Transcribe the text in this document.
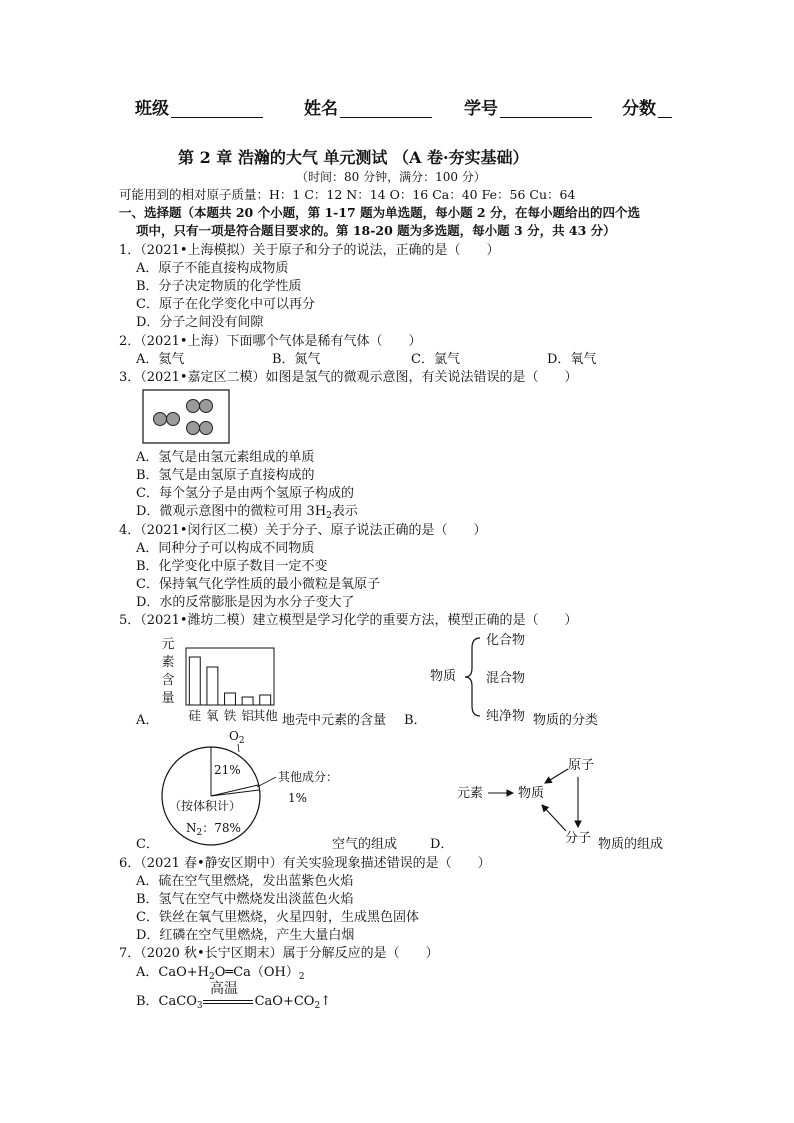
班级	姓名	学号	分数
第 2 章 浩瀚的大气 单元测试 （A 卷·夯实基础）
（时间：80 分钟，满分：100 分）
可能用到的相对原子质量：H：1 C：12 N：14 O：16 Ca：40 Fe：56 Cu：64
一、选择题（本题共 20 个小题，第 1-17 题为单选题，每小题 2 分，在每小题给出的四个选
项中，只有一项是符合题目要求的。第 18-20 题为多选题，每小题 3 分，共 43 分）
1．（2021•上海模拟）关于原子和分子的说法，正确的是（　　）
A．原子不能直接构成物质
B．分子决定物质的化学性质
C．原子在化学变化中可以再分
D．分子之间没有间隙
2．（2021•上海）下面哪个气体是稀有气体（　　）
A．氦气	B．氮气	C．氯气	D．氧气
3．（2021•嘉定区二模）如图是氢气的微观示意图，有关说法错误的是（　　）
A．氢气是由氢元素组成的单质
B．氢气是由氢原子直接构成的
C．每个氢分子是由两个氢原子构成的
D．微观示意图中的微粒可用 $3H_2$表示
4．（2021•闵行区二模）关于分子、原子说法正确的是（　　）
A．同种分子可以构成不同物质
B．化学变化中原子数目一定不变
C．保持氧气化学性质的最小微粒是氧原子
D．水的反常膨胀是因为水分子变大了
5．（2021•潍坊二模）建立模型是学习化学的重要方法，模型正确的是（　　）
元
素
含
量
硅 氧 铁 铝
其他
A．	地壳中元素的含量 B．
物质
化合物
混合物
纯净物 物质的分类
$O_2$
21%	其他成分：
1%
（按体积计）
$N_2$：78%
C．	空气的组成	D．
元素	物质
原子
分子 物质的组成
6．（2021 春•静安区期中）有关实验现象描述错误的是（　　）
A．硫在空气里燃烧，发出蓝紫色火焰
B．氢气在空气中燃烧发出淡蓝色火焰
C．铁丝在氧气里燃烧，火星四射，生成黑色固体
D．红磷在空气里燃烧，产生大量白烟
7．（2020 秋•长宁区期末）属于分解反应的是（　　）
A．$CaO+H_2O═Ca(OH)_2$
B．CaCO$_3$	$CaO+CO_2↑$
高温
